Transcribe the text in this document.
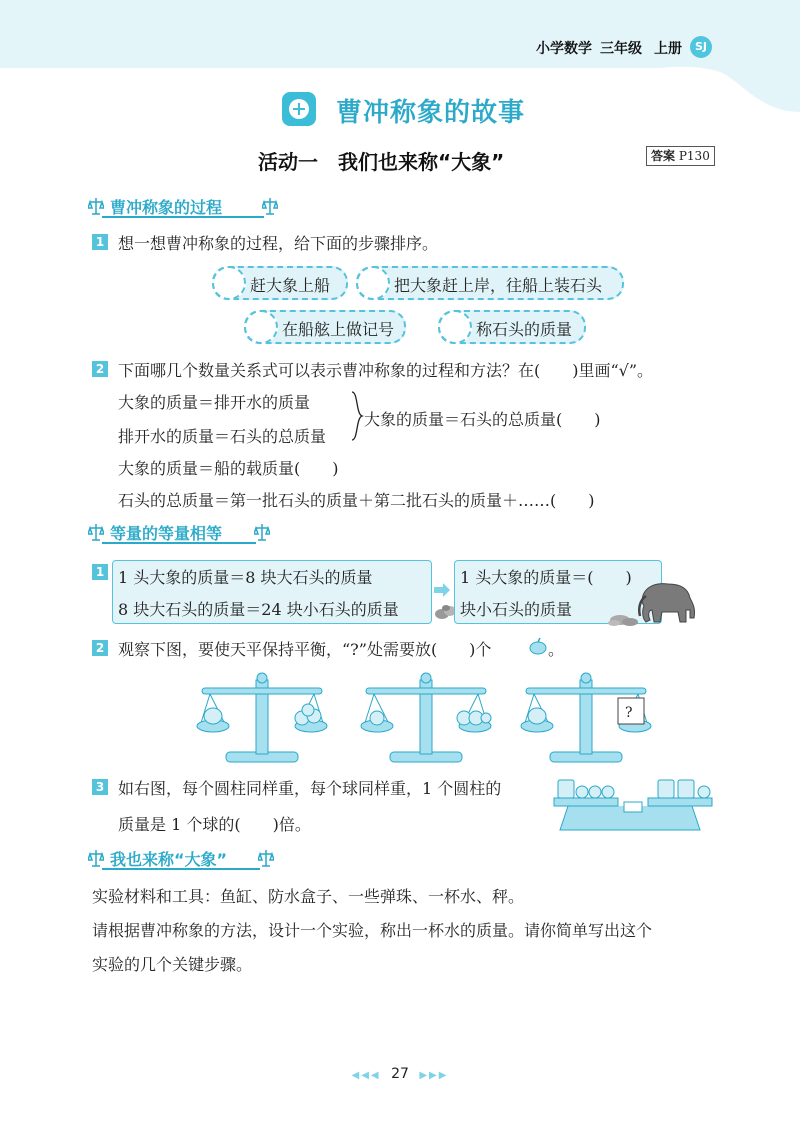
小学数学 三年级 上册	SJ
曹冲称象的故事
活动一　我们也来称“大象”	答案 P130
曹冲称象的过程
1 想一想曹冲称象的过程，给下面的步骤排序。
赶大象上船	把大象赶上岸，往船上装石头
在船舷上做记号	称石头的质量
2 下面哪几个数量关系式可以表示曹冲称象的过程和方法？在(　　)里画“√”。
大象的质量＝排开水的质量
排开水的质量＝石头的总质量
大象的质量＝石头的总质量(　　)
大象的质量＝船的载质量(　　)
石头的总质量＝第一批石头的质量＋第二批石头的质量＋……(　　)
等量的等量相等
1 1 头大象的质量＝8 块大石头的质量
8 块大石头的质量＝24 块小石头的质量
1 头大象的质量＝(　　)
块小石头的质量
2 观察下图，要使天平保持平衡，“?”处需要放(　　)个	。
?
3 如右图，每个圆柱同样重，每个球同样重，1 个圆柱的
质量是 1 个球的(　　)倍。
我也来称“大象”
实验材料和工具：鱼缸、防水盒子、一些弹珠、一杯水、秤。
请根据曹冲称象的方法，设计一个实验，称出一杯水的质量。请你简单写出这个
实验的几个关键步骤。
◀◀◀ 27 ▶▶▶
